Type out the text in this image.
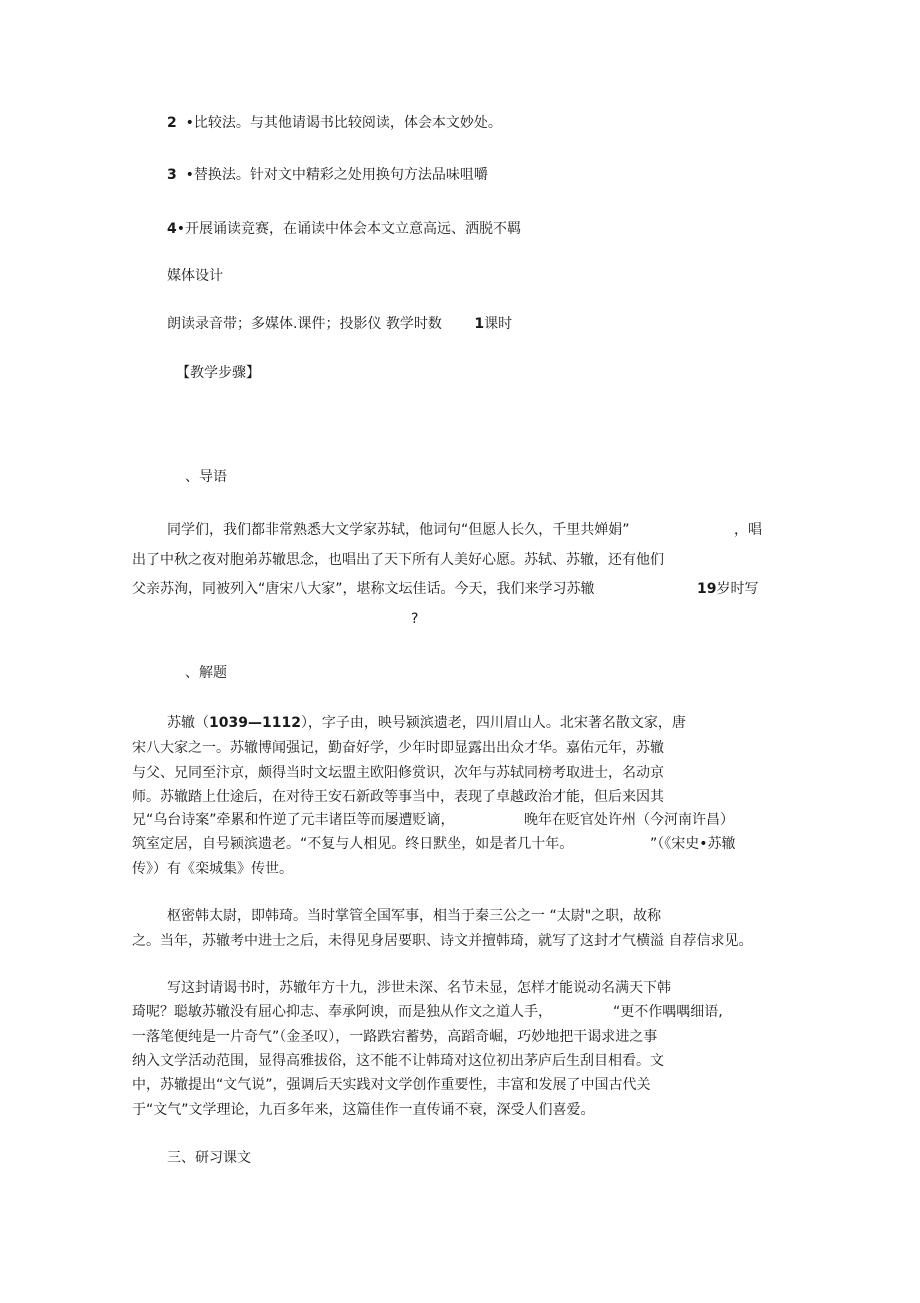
2 •比较法。与其他请谒书比较阅读，体会本文妙处。
3 •替换法。针对文中精彩之处用换句方法品味咀嚼
4•开展诵读竞赛，在诵读中体会本文立意高远、洒脱不羁
媒体设计
朗读录音带；多媒体.课件；投影仪 教学时数 1课时
【教学步骤】
、导语
同学们，我们都非常熟悉大文学家苏轼，他词句“但愿人长久，千里共婵娟”	，唱
出了中秋之夜对胞弟苏辙思念，也唱出了天下所有人美好心愿。苏轼、苏辙，还有他们
父亲苏洵，同被列入“唐宋八大家”，堪称文坛佳话。今天，我们来学习苏辙	19岁时写
?
、解题
苏辙（1039—1112），字子由，映号颍滨遗老，四川眉山人。北宋著名散文家，唐
宋八大家之一。苏辙博闻强记，勤奋好学，少年时即显露出出众才华。嘉佑元年，苏辙
与父、兄同至汴京，颇得当时文坛盟主欧阳修赏识，次年与苏轼同榜考取进士，名动京
师。苏辙踏上仕途后，在对待王安石新政等事当中，表现了卓越政治才能，但后来因其
兄“乌台诗案”牵累和忤逆了元丰诸臣等而屡遭贬谪，	晚年在贬官处许州（今河南许昌）
筑室定居，自号颍滨遗老。“不复与人相见。终日默坐，如是者几十年。	”（《宋史•苏辙
传》）有《栾城集》传世。
枢密韩太尉，即韩琦。当时掌管全国军事，相当于秦三公之一 “太尉"之职，故称
之。当年，苏辙考中进士之后，未得见身居要职、诗文并擅韩琦，就写了这封才气横溢 自荐信求见。
写这封请谒书时，苏辙年方十九，涉世未深、名节未显，怎样才能说动名满天下韩
琦呢？聪敏苏辙没有屈心抑志、奉承阿谀，而是独从作文之道人手，	“更不作喁喁细语,
一落笔便纯是一片奇气”（金圣叹），一路跌宕蓄势，高蹈奇崛，巧妙地把干谒求进之事
纳入文学活动范围，显得高雅拔俗，这不能不让韩琦对这位初出茅庐后生刮目相看。文
中，苏辙提出“文气说”，强调后天实践对文学创作重要性，丰富和发展了中国古代关
于“文气”文学理论，九百多年来，这篇佳作一直传诵不衰，深受人们喜爱。
三、研习课文
